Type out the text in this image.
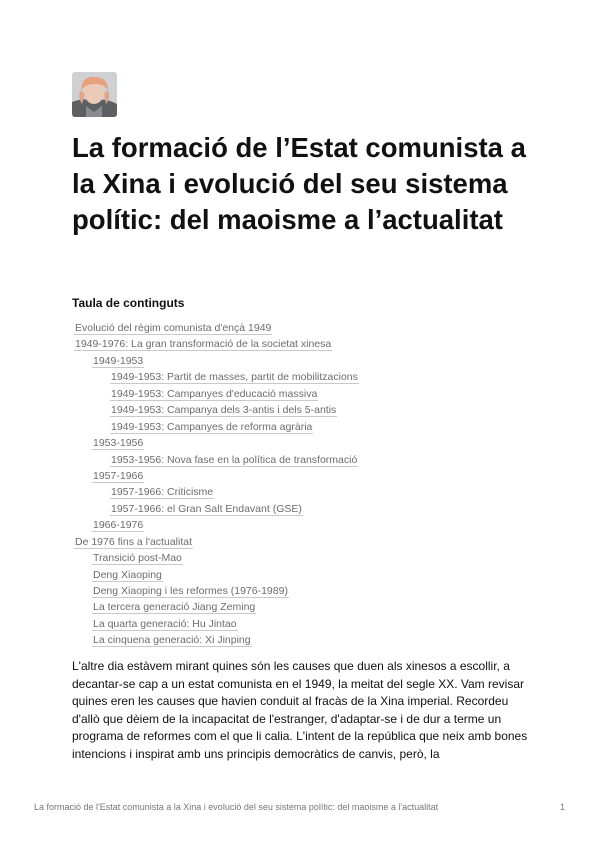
La formació de l’Estat comunista a la Xina i evolució del seu sistema polític: del maoisme a l’actualitat
Taula de continguts
Evolució del règim comunista d'ençà 1949
1949-1976: La gran transformació de la societat xinesa
1949-1953
1949-1953: Partit de masses, partit de mobilitzacions
1949-1953: Campanyes d'educació massiva
1949-1953: Campanya dels 3-antis i dels 5-antis
1949-1953: Campanyes de reforma agrària
1953-1956
1953-1956: Nova fase en la política de transformació
1957-1966
1957-1966: Criticisme
1957-1966: el Gran Salt Endavant (GSE)
1966-1976
De 1976 fins a l'actualitat
Transició post-Mao
Deng Xiaoping
Deng Xiaoping i les reformes (1976-1989)
La tercera generació Jiang Zeming
La quarta generació: Hu Jintao
La cinquena generació: Xi Jinping

L'altre dia estàvem mirant quines són les causes que duen als xinesos a escollir, a decantar-se cap a un estat comunista en el 1949, la meitat del segle XX. Vam revisar quines eren les causes que havien conduit al fracàs de la Xina imperial. Recordeu d'allò que dèiem de la incapacitat de l'estranger, d'adaptar-se i de dur a terme un programa de reformes com el que li calia. L'intent de la república que neix amb bones intencions i inspirat amb uns principis democràtics de canvis, però, la

La formació de l'Estat comunista a la Xina i evolució del seu sistema polític: del maoisme a l'actualitat	1
